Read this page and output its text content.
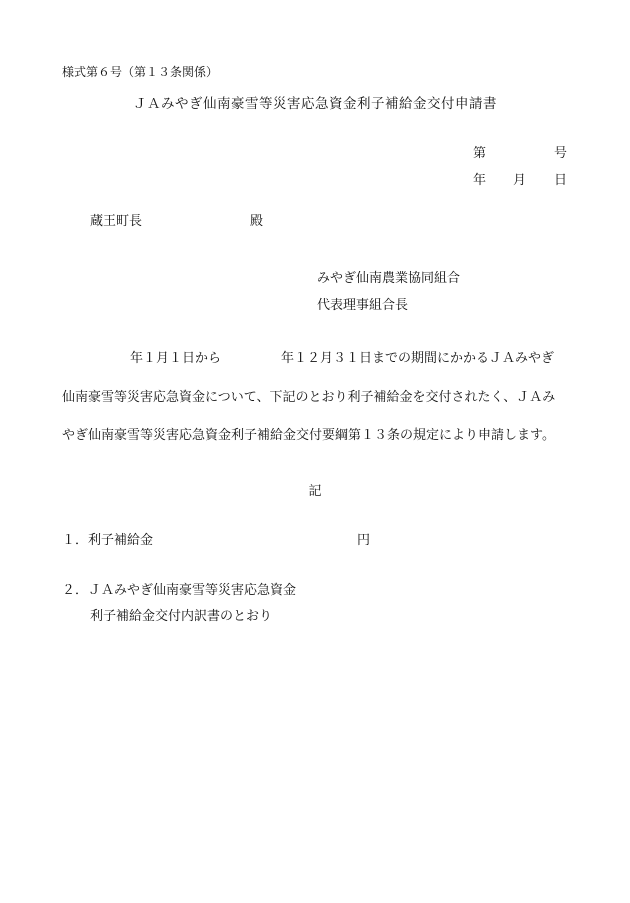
様式第６号（第１３条関係）
ＪＡみやぎ仙南豪雪等災害応急資金利子補給金交付申請書
第	号
年 月 日
蔵王町長	殿
みやぎ仙南農業協同組合
代表理事組合長
年１月１日から	年１２月３１日までの期間にかかるＪＡみやぎ
仙南豪雪等災害応急資金について、下記のとおり利子補給金を交付されたく、ＪＡみ
やぎ仙南豪雪等災害応急資金利子補給金交付要綱第１３条の規定により申請します。
記
１．利子補給金	円
２．ＪＡみやぎ仙南豪雪等災害応急資金
利子補給金交付内訳書のとおり
